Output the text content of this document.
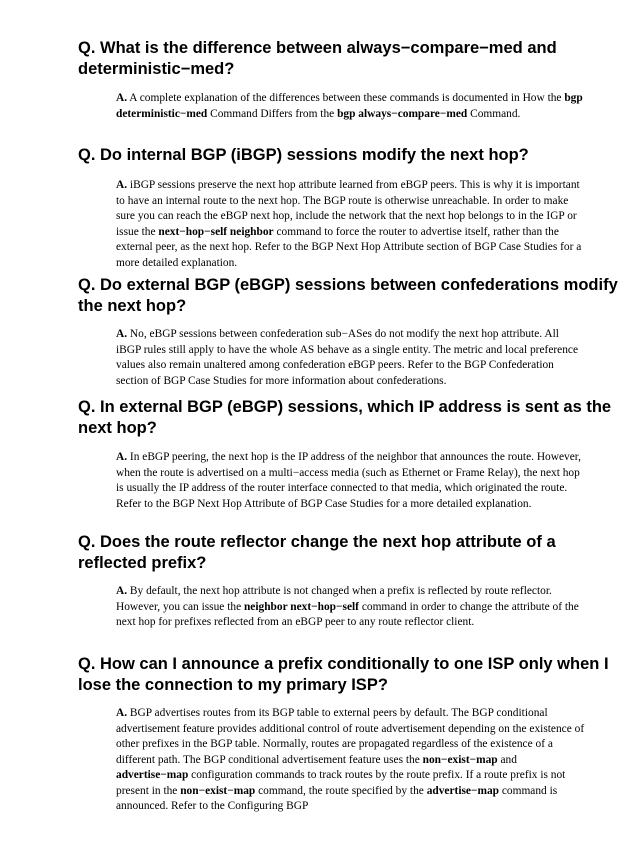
Q. What is the difference between always−compare−med and deterministic−med?

A. A complete explanation of the differences between these commands is documented in How the bgp deterministic−med Command Differs from the bgp always−compare−med Command.

Q. Do internal BGP (iBGP) sessions modify the next hop?

A. iBGP sessions preserve the next hop attribute learned from eBGP peers. This is why it is important to have an internal route to the next hop. The BGP route is otherwise unreachable. In order to make sure you can reach the eBGP next hop, include the network that the next hop belongs to in the IGP or issue the next−hop−self neighbor command to force the router to advertise itself, rather than the external peer, as the next hop. Refer to the BGP Next Hop Attribute section of BGP Case Studies for a more detailed explanation.

Q. Do external BGP (eBGP) sessions between confederations modify the next hop?

A. No, eBGP sessions between confederation sub−ASes do not modify the next hop attribute. All iBGP rules still apply to have the whole AS behave as a single entity. The metric and local preference values also remain unaltered among confederation eBGP peers. Refer to the BGP Confederation section of BGP Case Studies for more information about confederations.

Q. In external BGP (eBGP) sessions, which IP address is sent as the next hop?

A. In eBGP peering, the next hop is the IP address of the neighbor that announces the route. However, when the route is advertised on a multi−access media (such as Ethernet or Frame Relay), the next hop is usually the IP address of the router interface connected to that media, which originated the route. Refer to the BGP Next Hop Attribute of BGP Case Studies for a more detailed explanation.

Q. Does the route reflector change the next hop attribute of a reflected prefix?

A. By default, the next hop attribute is not changed when a prefix is reflected by route reflector. However, you can issue the neighbor next−hop−self command in order to change the attribute of the next hop for prefixes reflected from an eBGP peer to any route reflector client.

Q. How can I announce a prefix conditionally to one ISP only when I lose the connection to my primary ISP?

A. BGP advertises routes from its BGP table to external peers by default. The BGP conditional advertisement feature provides additional control of route advertisement depending on the existence of other prefixes in the BGP table. Normally, routes are propagated regardless of the existence of a different path. The BGP conditional advertisement feature uses the non−exist−map and advertise−map configuration commands to track routes by the route prefix. If a route prefix is not present in the non−exist−map command, the route specified by the advertise−map command is announced. Refer to the Configuring BGP
